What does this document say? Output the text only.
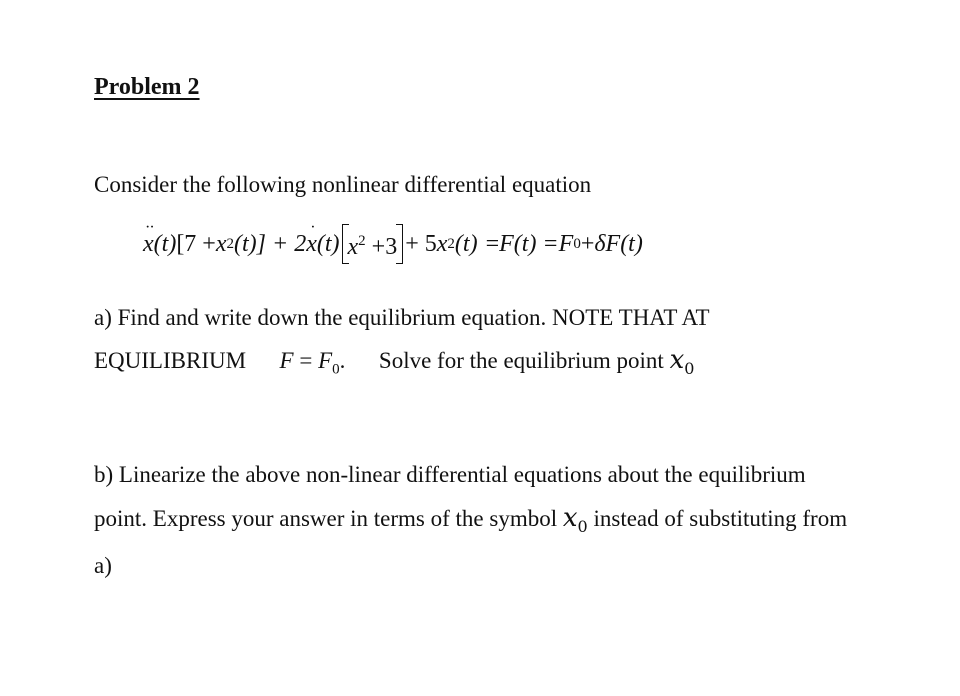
Problem 2
Consider the following nonlinear differential equation
x ·· (t) [7 + x 2 (t)] + 2 x · (t) $x^2 +3 + 5$ x 2 (t) = F (t) = F 0 + δF (t)
a) Find and write down the equilibrium equation. NOTE THAT AT
EQUILIBRIUM $F = F_0$. Solve for the equilibrium point $x_0$
b) Linearize the above non-linear differential equations about the equilibrium
point. Express your answer in terms of the symbol $x_0$ instead of substituting from
a)
